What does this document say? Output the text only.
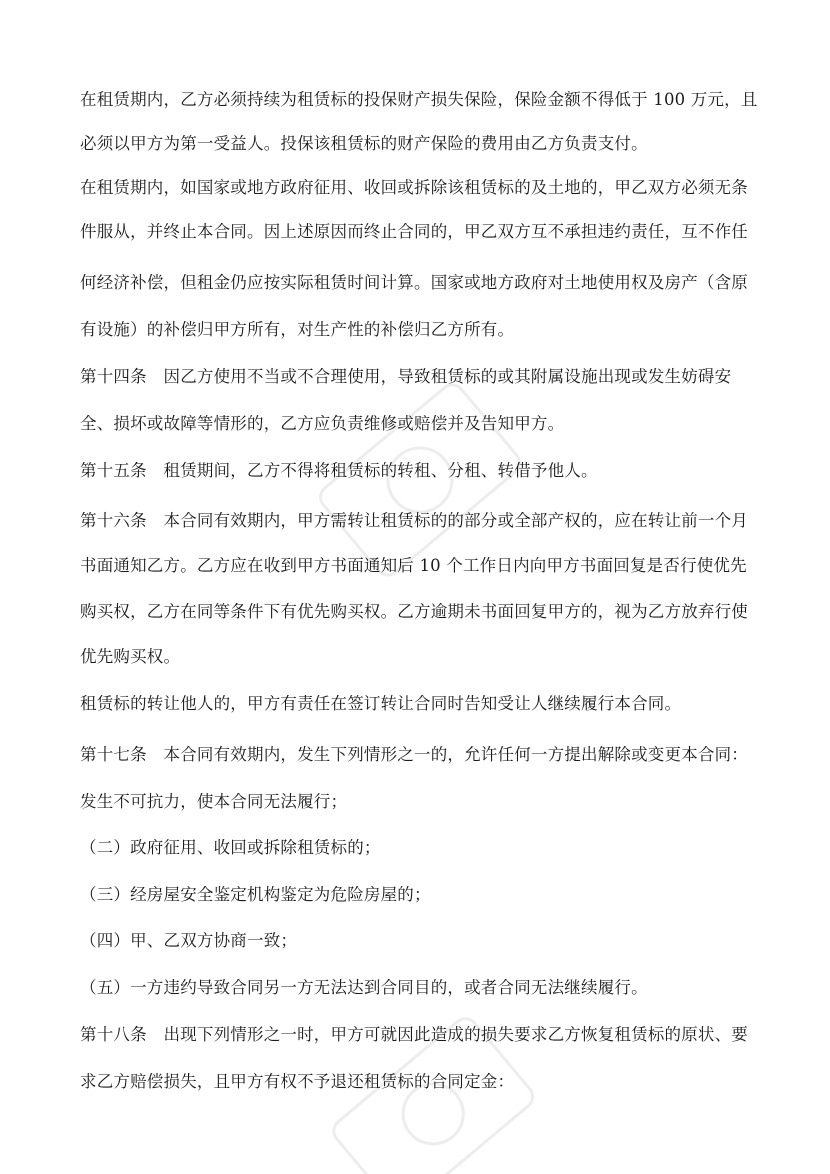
在租赁期内，乙方必须持续为租赁标的投保财产损失保险，保险金额不得低于 100 万元，且
必须以甲方为第一受益人。投保该租赁标的财产保险的费用由乙方负责支付。
在租赁期内，如国家或地方政府征用、收回或拆除该租赁标的及土地的，甲乙双方必须无条
件服从，并终止本合同。因上述原因而终止合同的，甲乙双方互不承担违约责任，互不作任
何经济补偿，但租金仍应按实际租赁时间计算。国家或地方政府对土地使用权及房产（含原
有设施）的补偿归甲方所有，对生产性的补偿归乙方所有。
第十四条　因乙方使用不当或不合理使用，导致租赁标的或其附属设施出现或发生妨碍安
全、损坏或故障等情形的，乙方应负责维修或赔偿并及告知甲方。
第十五条　租赁期间，乙方不得将租赁标的转租、分租、转借予他人。
第十六条　本合同有效期内，甲方需转让租赁标的的部分或全部产权的，应在转让前一个月
书面通知乙方。乙方应在收到甲方书面通知后 10 个工作日内向甲方书面回复是否行使优先
购买权，乙方在同等条件下有优先购买权。乙方逾期未书面回复甲方的，视为乙方放弃行使
优先购买权。
租赁标的转让他人的，甲方有责任在签订转让合同时告知受让人继续履行本合同。
第十七条　本合同有效期内，发生下列情形之一的，允许任何一方提出解除或变更本合同：
发生不可抗力，使本合同无法履行；
（二）政府征用、收回或拆除租赁标的；
（三）经房屋安全鉴定机构鉴定为危险房屋的；
（四）甲、乙双方协商一致；
（五）一方违约导致合同另一方无法达到合同目的，或者合同无法继续履行。
第十八条　出现下列情形之一时，甲方可就因此造成的损失要求乙方恢复租赁标的原状、要
求乙方赔偿损失，且甲方有权不予退还租赁标的合同定金：
